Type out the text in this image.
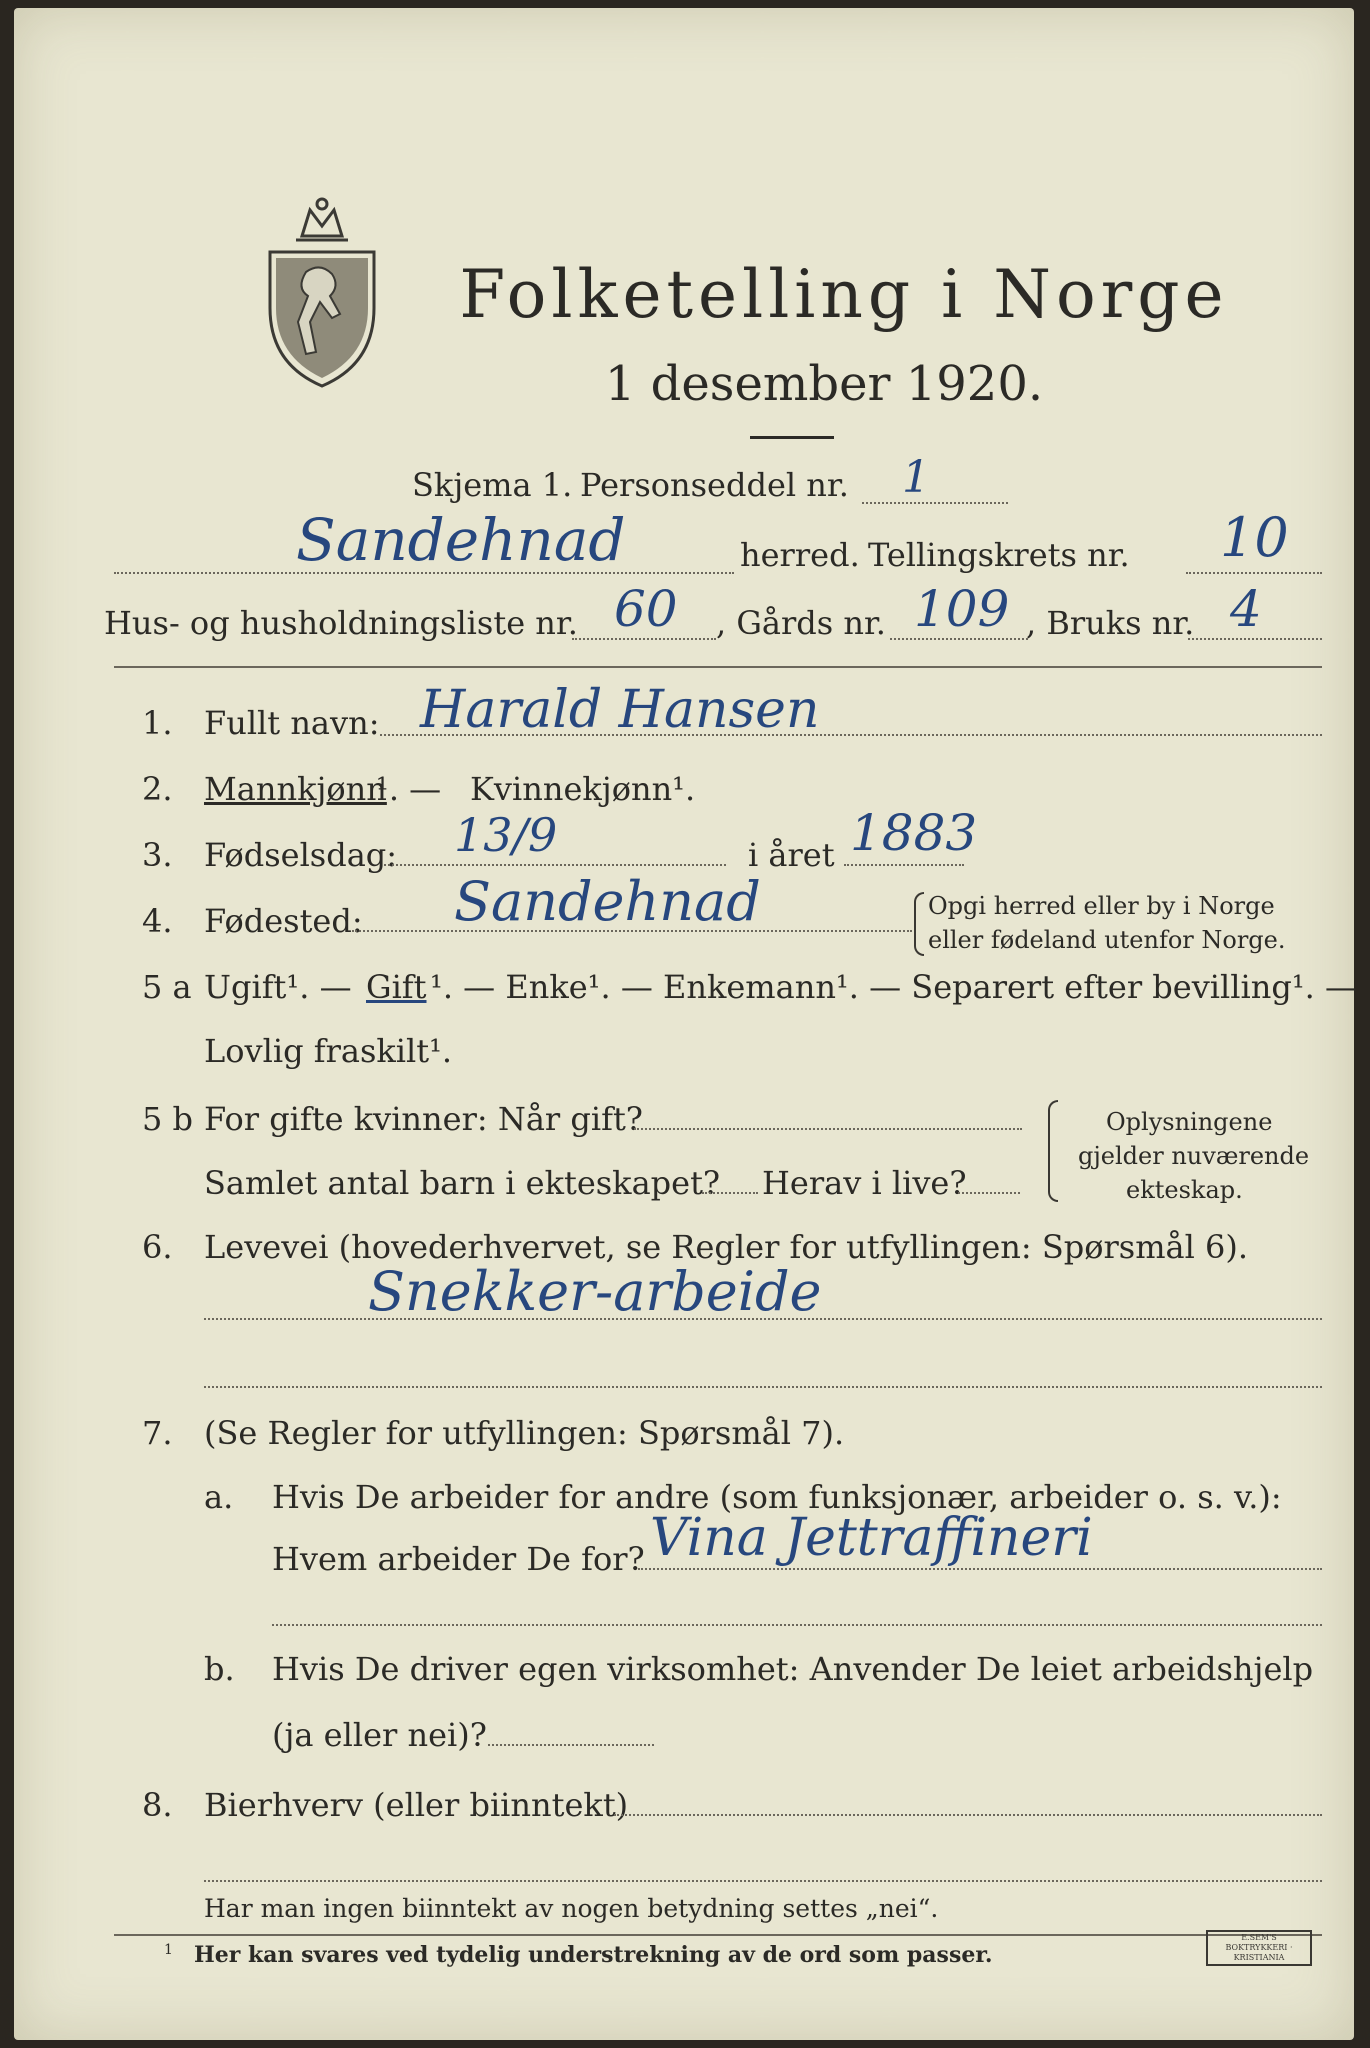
Folketelling i Norge
1 desember 1920.
Skjema 1. Personseddel nr. 1
Sandehnad	herred. Tellingskrets nr. 10
Hus- og husholdningsliste nr. 60 , Gårds nr. 109 , Bruks nr. 4
1. Fullt navn: Harald Hansen
2. Mannkjønn
¹. — Kvinnekjønn¹.
3. Fødselsdag: 13/9	i året 1883
4. Fødested: Sandehnad	Opgi herred eller by i Norge
eller fødeland utenfor Norge.
5 a Ugift¹. — Gift ¹. — Enke¹. — Enkemann¹. — Separert efter bevilling¹. —
Lovlig fraskilt¹.
5 b For gifte kvinner: Når gift?
Samlet antal barn i ekteskapet? Herav i live?
Oplysningene
gjelder nuværende
ekteskap.
6. Levevei (hovederhvervet, se Regler for utfyllingen: Spørsmål 6).
Snekker-arbeide
7. (Se Regler for utfyllingen: Spørsmål 7).
a. Hvis De arbeider for andre (som funksjonær, arbeider o. s. v.):
Hvem arbeider De for? Vina Jettraffineri
b. Hvis De driver egen virksomhet: Anvender De leiet arbeidshjelp
(ja eller nei)?
8. Bierhverv (eller biinntekt)
Har man ingen biinntekt av nogen betydning settes „nei“.
1 Her kan svares ved tydelig understrekning av de ord som passer.
E.SEM'S BOKTRYKKERI · KRISTIANIA
